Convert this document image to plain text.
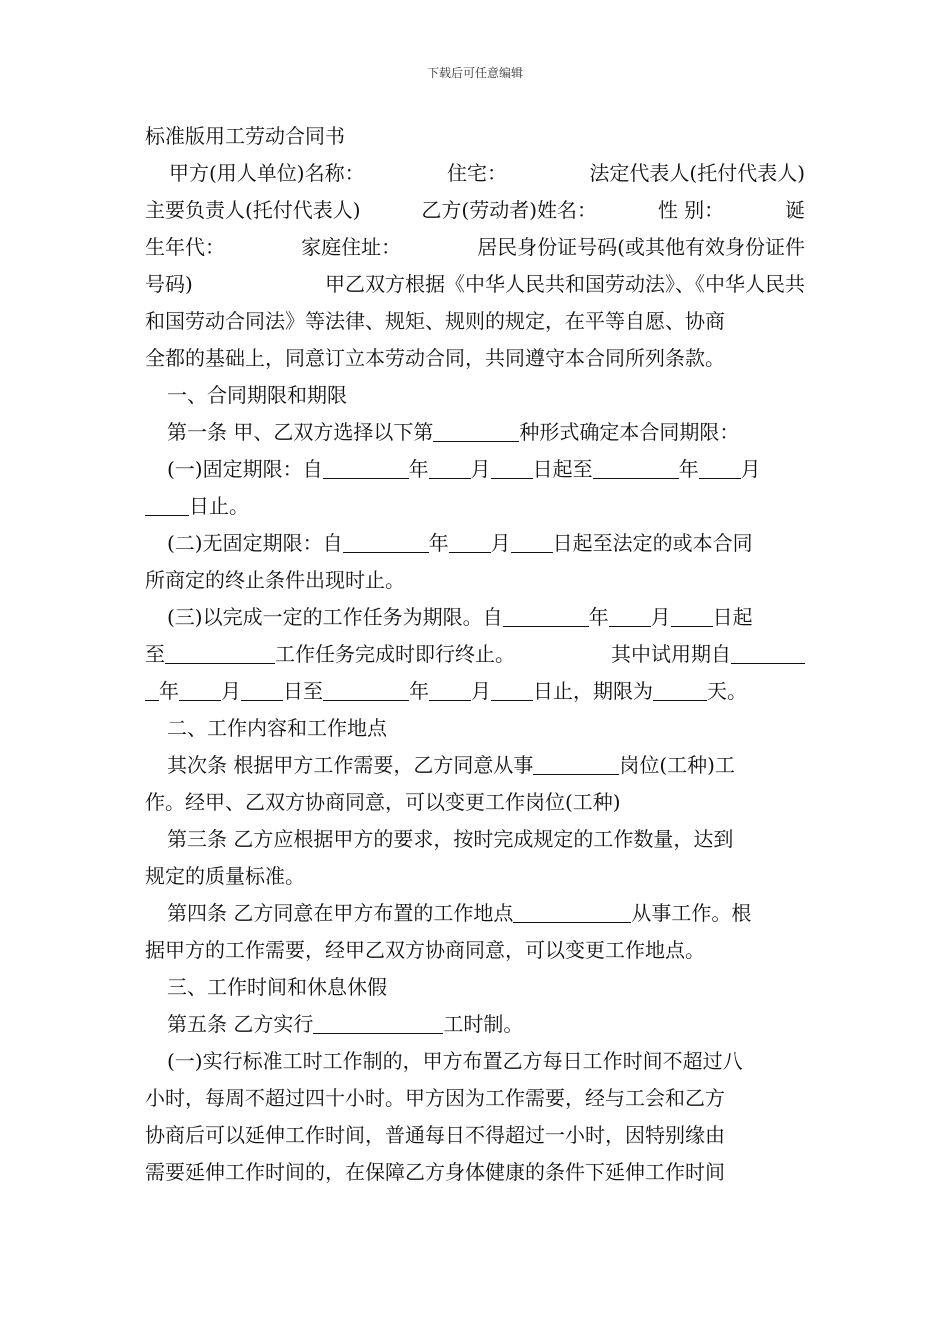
下载后可任意编辑
标准版用工劳动合同书
甲方(用人单位)名称：	住宅：	法定代表人(托付代表人)
主要负责人(托付代表人)	乙方(劳动者)姓名：	性 别：	诞
生年代：	家庭住址：	居民身份证号码(或其他有效身份证件
号码)	甲乙双方根据《中华人民共和国劳动法》、《中华人民共
和国劳动合同法》等法律、规矩、规则的规定，在平等自愿、协商
全都的基础上，同意订立本劳动合同，共同遵守本合同所列条款。
一、合同期限和期限
第一条 甲、乙双方选择以下第	种形式确定本合同期限：
(一)固定期限：自	年 月 日起至	年 月
日止。
(二)无固定期限：自	年 月 日起至法定的或本合同
所商定的终止条件出现时止。
(三)以完成一定的工作任务为期限。自	年 月 日起
至	工作任务完成时即行终止。	其中试用期自
年 月 日至	年 月 日止，期限为	天。
二、工作内容和工作地点
其次条 根据甲方工作需要，乙方同意从事	岗位(工种)工
作。经甲、乙双方协商同意，可以变更工作岗位(工种)
第三条 乙方应根据甲方的要求，按时完成规定的工作数量，达到
规定的质量标准。
第四条 乙方同意在甲方布置的工作地点	从事工作。根
据甲方的工作需要，经甲乙双方协商同意，可以变更工作地点。
三、工作时间和休息休假
第五条 乙方实行	工时制。
(一)实行标准工时工作制的，甲方布置乙方每日工作时间不超过八
小时，每周不超过四十小时。甲方因为工作需要，经与工会和乙方
协商后可以延伸工作时间，普通每日不得超过一小时，因特别缘由
需要延伸工作时间的，在保障乙方身体健康的条件下延伸工作时间
